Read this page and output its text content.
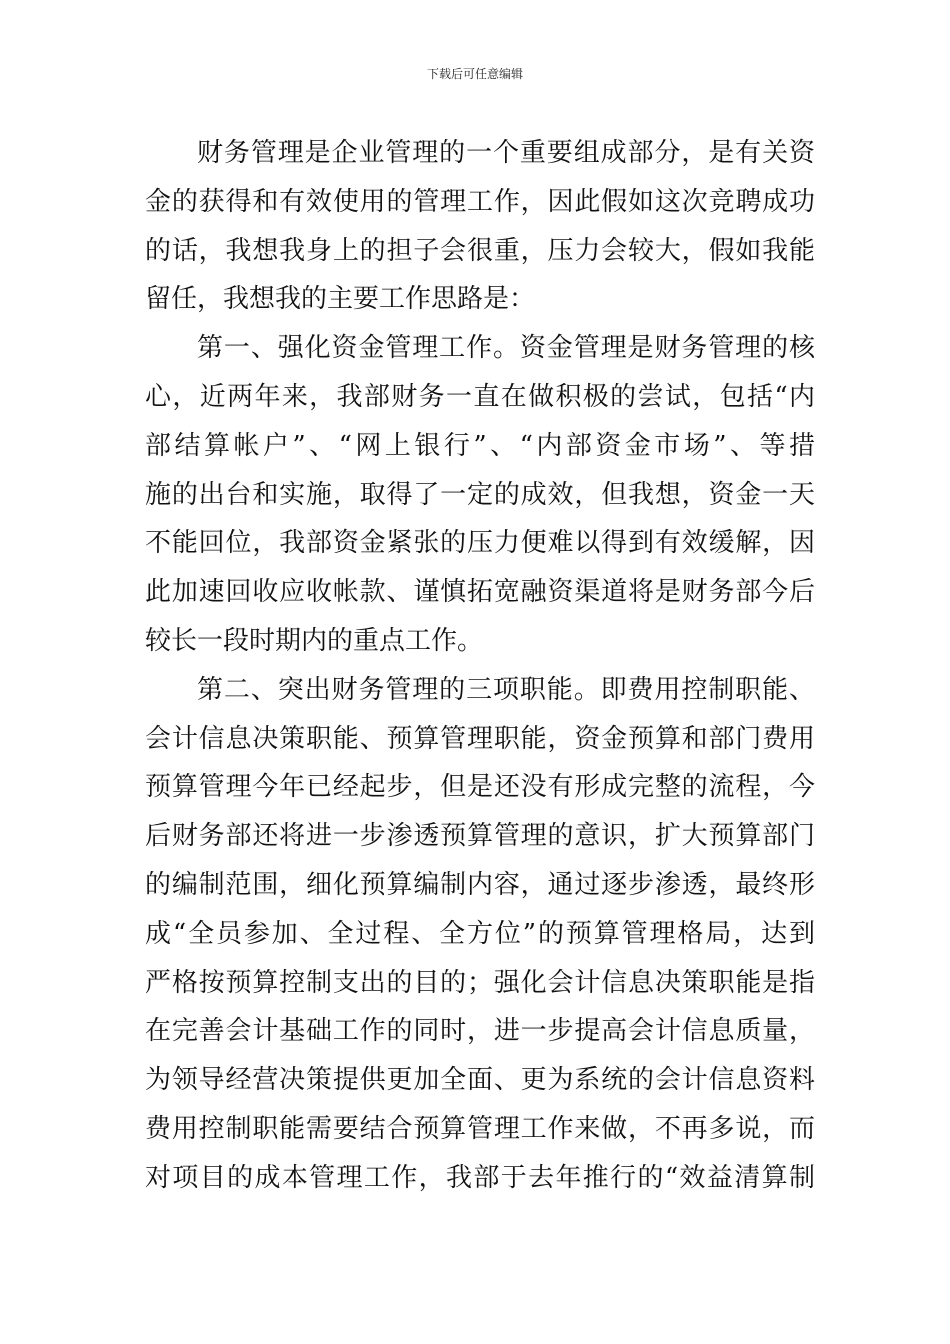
下载后可任意编辑
财务管理是企业管理的一个重要组成部分，是有关资
金的获得和有效使用的管理工作，因此假如这次竞聘成功
的话，我想我身上的担子会很重，压力会较大，假如我能
留任，我想我的主要工作思路是：
第一、强化资金管理工作。资金管理是财务管理的核
心，近两年来，我部财务一直在做积极的尝试，包括“内
部结算帐户”、“网上银行”、“内部资金市场”、等措
施的出台和实施，取得了一定的成效，但我想，资金一天
不能回位，我部资金紧张的压力便难以得到有效缓解，因
此加速回收应收帐款、谨慎拓宽融资渠道将是财务部今后
较长一段时期内的重点工作。
第二、突出财务管理的三项职能。即费用控制职能、
会计信息决策职能、预算管理职能，资金预算和部门费用
预算管理今年已经起步，但是还没有形成完整的流程，今
后财务部还将进一步渗透预算管理的意识，扩大预算部门
的编制范围，细化预算编制内容，通过逐步渗透，最终形
成“全员参加、全过程、全方位”的预算管理格局，达到
严格按预算控制支出的目的；强化会计信息决策职能是指
在完善会计基础工作的同时，进一步提高会计信息质量，
为领导经营决策提供更加全面、更为系统的会计信息资料
费用控制职能需要结合预算管理工作来做，不再多说，而
对项目的成本管理工作，我部于去年推行的“效益清算制
